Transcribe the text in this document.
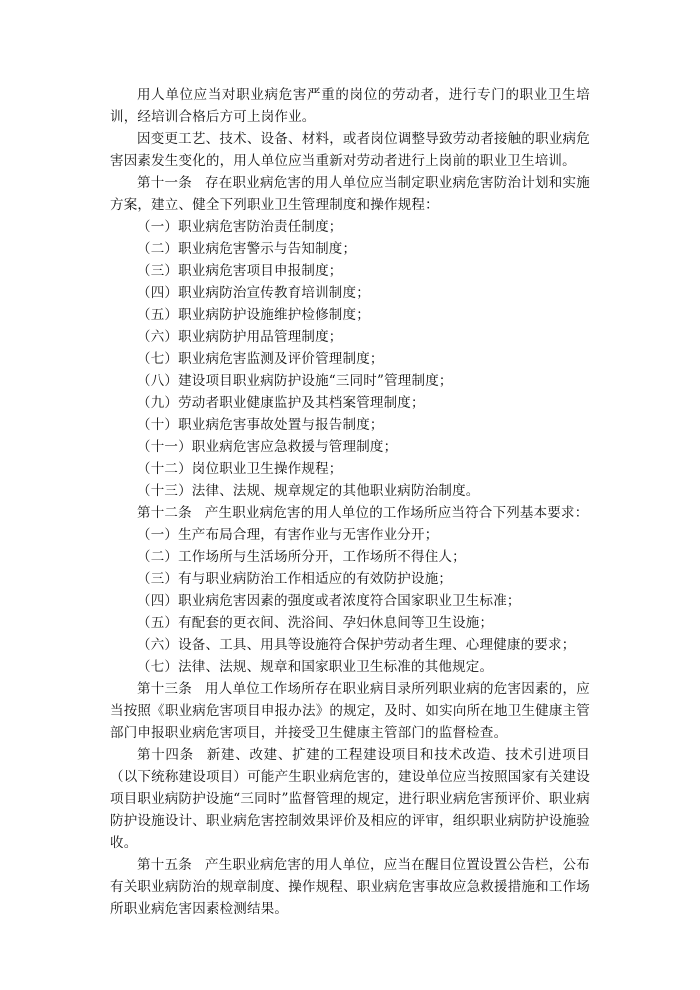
用人单位应当对职业病危害严重的岗位的劳动者，进行专门的职业卫生培训，经培训合格后方可上岗作业。

因变更工艺、技术、设备、材料，或者岗位调整导致劳动者接触的职业病危害因素发生变化的，用人单位应当重新对劳动者进行上岗前的职业卫生培训。

第十一条 存在职业病危害的用人单位应当制定职业病危害防治计划和实施方案，建立、健全下列职业卫生管理制度和操作规程：

（一）职业病危害防治责任制度；

（二）职业病危害警示与告知制度；

（三）职业病危害项目申报制度；

（四）职业病防治宣传教育培训制度；

（五）职业病防护设施维护检修制度；

（六）职业病防护用品管理制度；

（七）职业病危害监测及评价管理制度；

（八）建设项目职业病防护设施“三同时”管理制度；

（九）劳动者职业健康监护及其档案管理制度；

（十）职业病危害事故处置与报告制度；

（十一）职业病危害应急救援与管理制度；

（十二）岗位职业卫生操作规程；

（十三）法律、法规、规章规定的其他职业病防治制度。

第十二条 产生职业病危害的用人单位的工作场所应当符合下列基本要求：

（一）生产布局合理，有害作业与无害作业分开；

（二）工作场所与生活场所分开，工作场所不得住人；

（三）有与职业病防治工作相适应的有效防护设施；

（四）职业病危害因素的强度或者浓度符合国家职业卫生标准；

（五）有配套的更衣间、洗浴间、孕妇休息间等卫生设施；

（六）设备、工具、用具等设施符合保护劳动者生理、心理健康的要求；

（七）法律、法规、规章和国家职业卫生标准的其他规定。

第十三条 用人单位工作场所存在职业病目录所列职业病的危害因素的，应当按照《职业病危害项目申报办法》的规定，及时、如实向所在地卫生健康主管部门申报职业病危害项目，并接受卫生健康主管部门的监督检查。

第十四条 新建、改建、扩建的工程建设项目和技术改造、技术引进项目（以下统称建设项目）可能产生职业病危害的，建设单位应当按照国家有关建设项目职业病防护设施“三同时”监督管理的规定，进行职业病危害预评价、职业病防护设施设计、职业病危害控制效果评价及相应的评审，组织职业病防护设施验收。

第十五条 产生职业病危害的用人单位，应当在醒目位置设置公告栏，公布有关职业病防治的规章制度、操作规程、职业病危害事故应急救援措施和工作场所职业病危害因素检测结果。
